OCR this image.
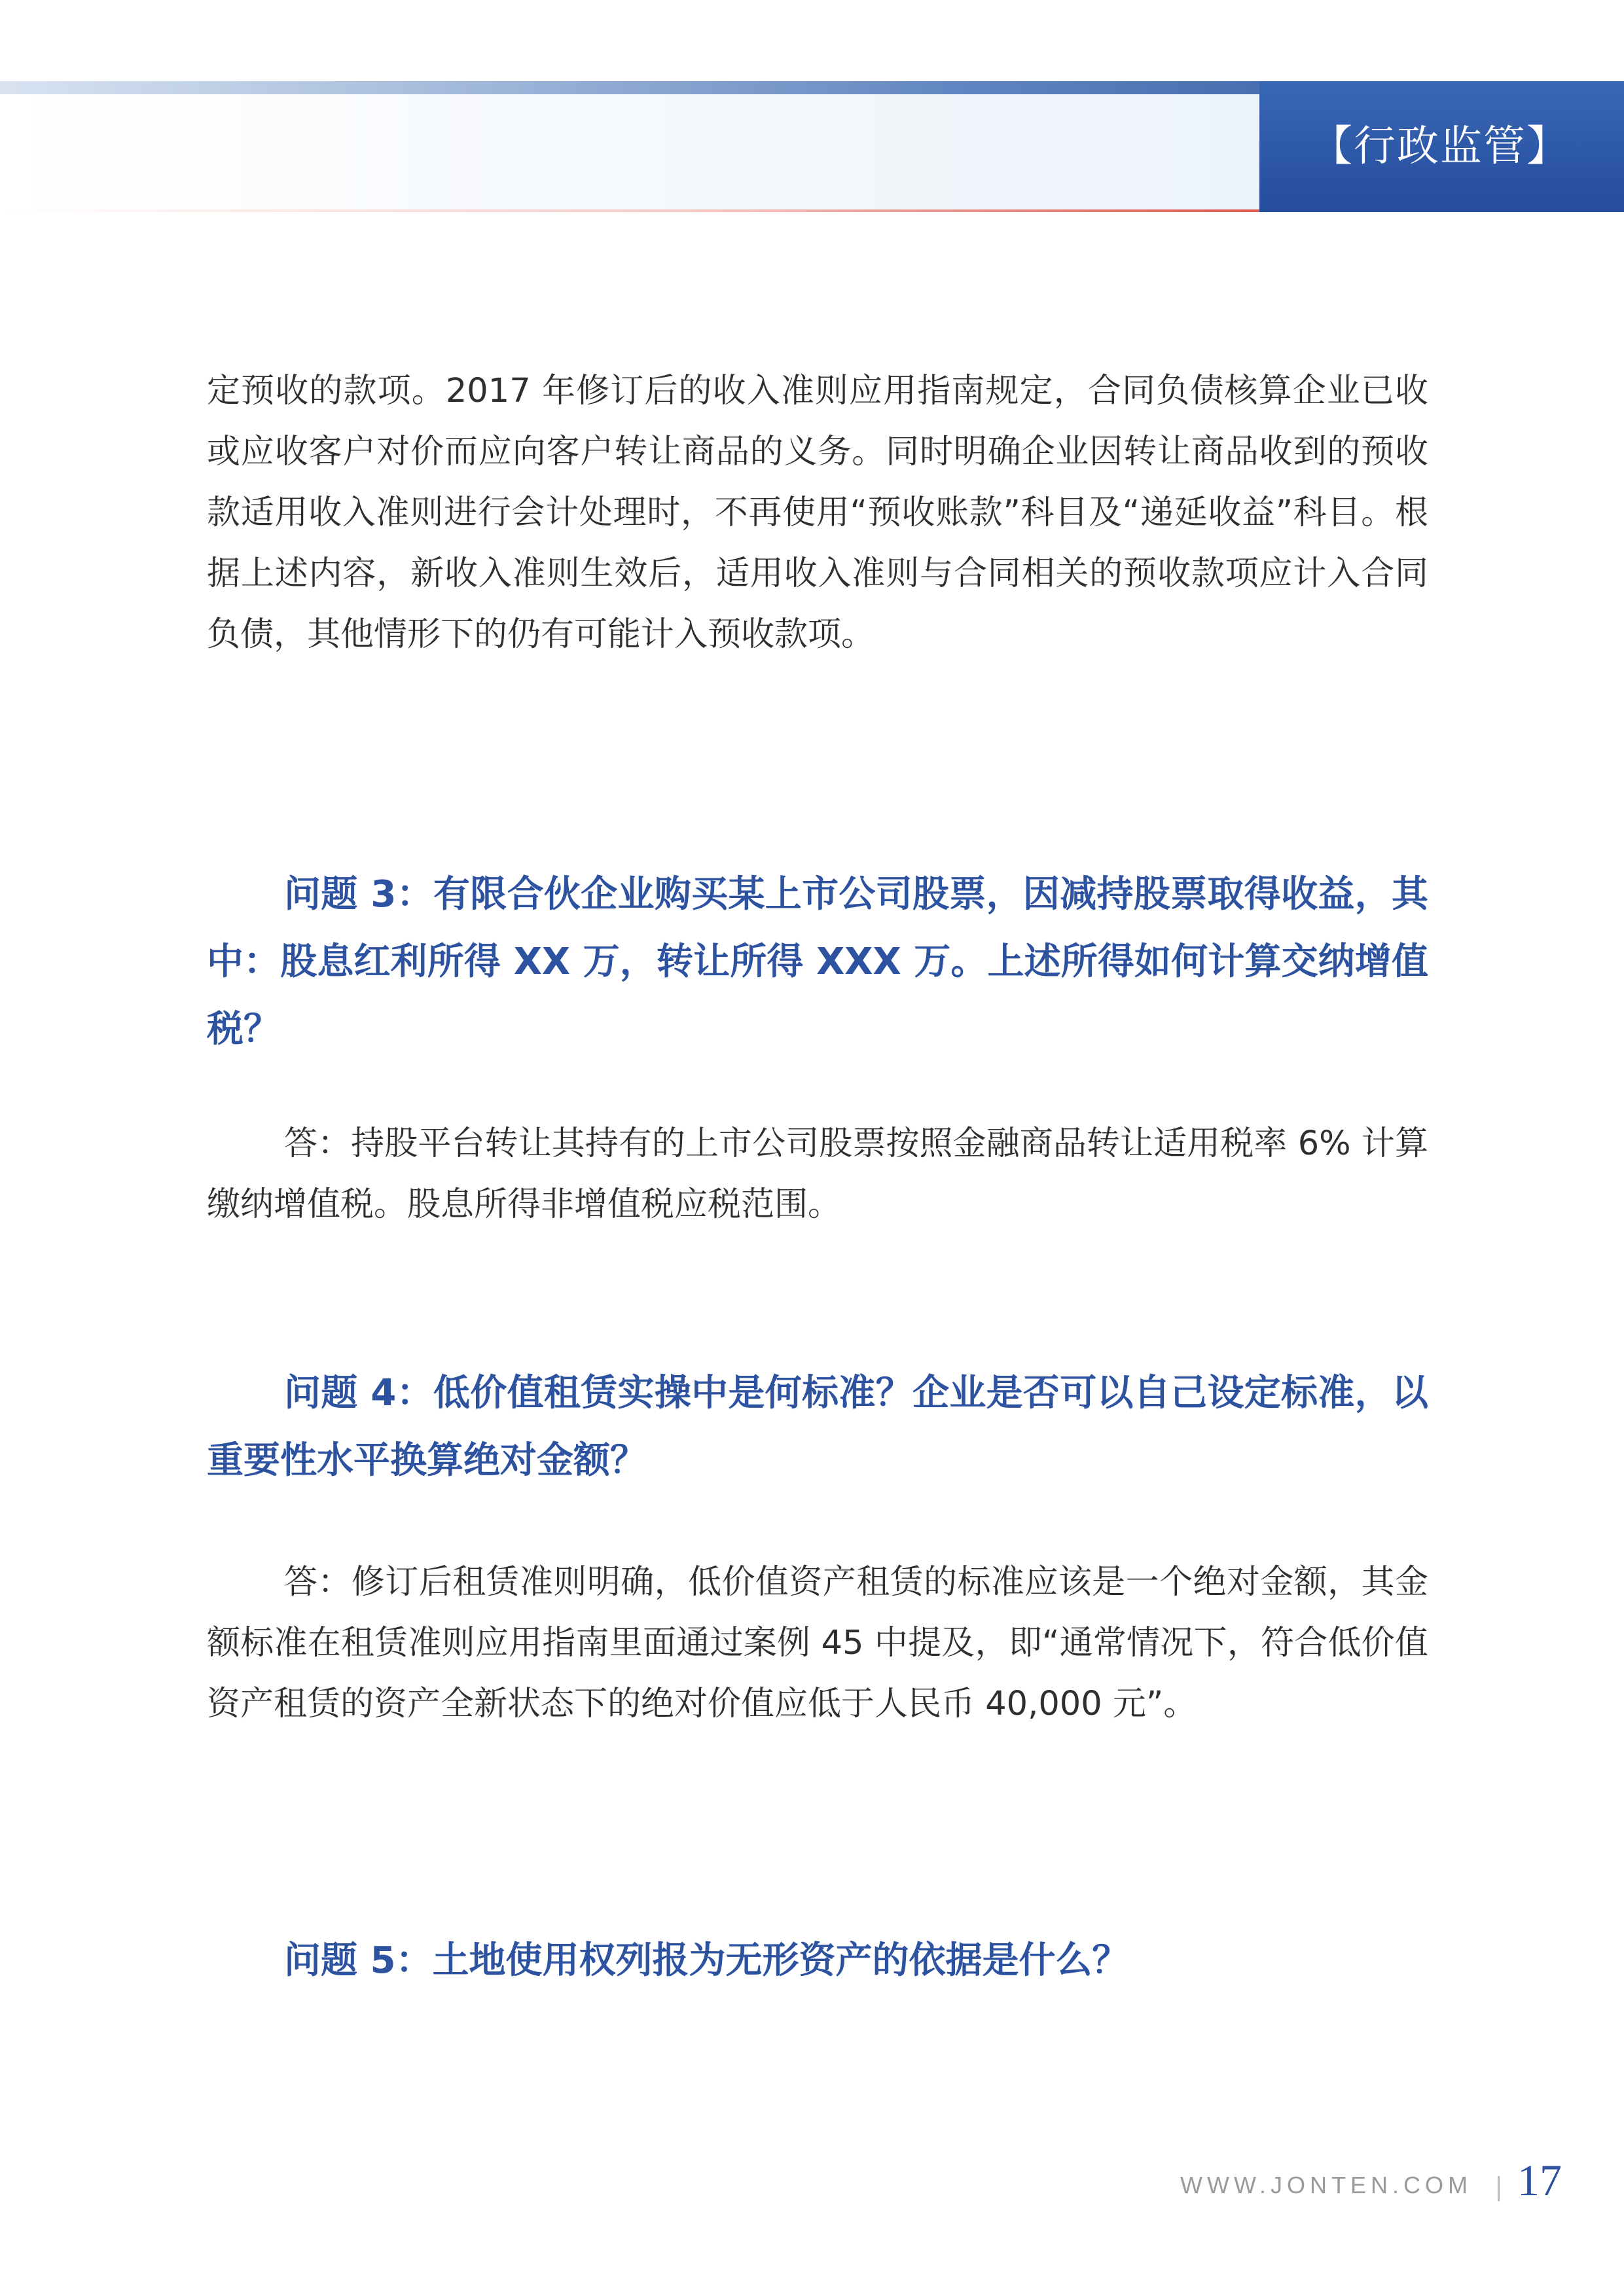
【行政监管】

定预收的款项。2017 年修订后的收入准则应用指南规定，合同负债核算企业已收或应收客户对价而应向客户转让商品的义务。同时明确企业因转让商品收到的预收款适用收入准则进行会计处理时，不再使用“预收账款”科目及“递延收益”科目。根据上述内容，新收入准则生效后，适用收入准则与合同相关的预收款项应计入合同负债，其他情形下的仍有可能计入预收款项。

问题 3：有限合伙企业购买某上市公司股票，因减持股票取得收益，其中：股息红利所得 XX 万，转让所得 XXX 万。上述所得如何计算交纳增值税？

答：持股平台转让其持有的上市公司股票按照金融商品转让适用税率 6% 计算缴纳增值税。股息所得非增值税应税范围。

问题 4：低价值租赁实操中是何标准？企业是否可以自己设定标准，以重要性水平换算绝对金额？

答：修订后租赁准则明确，低价值资产租赁的标准应该是一个绝对金额，其金额标准在租赁准则应用指南里面通过案例 45 中提及，即“通常情况下，符合低价值资产租赁的资产全新状态下的绝对价值应低于人民币 40,000 元”。

问题 5：土地使用权列报为无形资产的依据是什么？

WWW.JONTEN.COM 17
